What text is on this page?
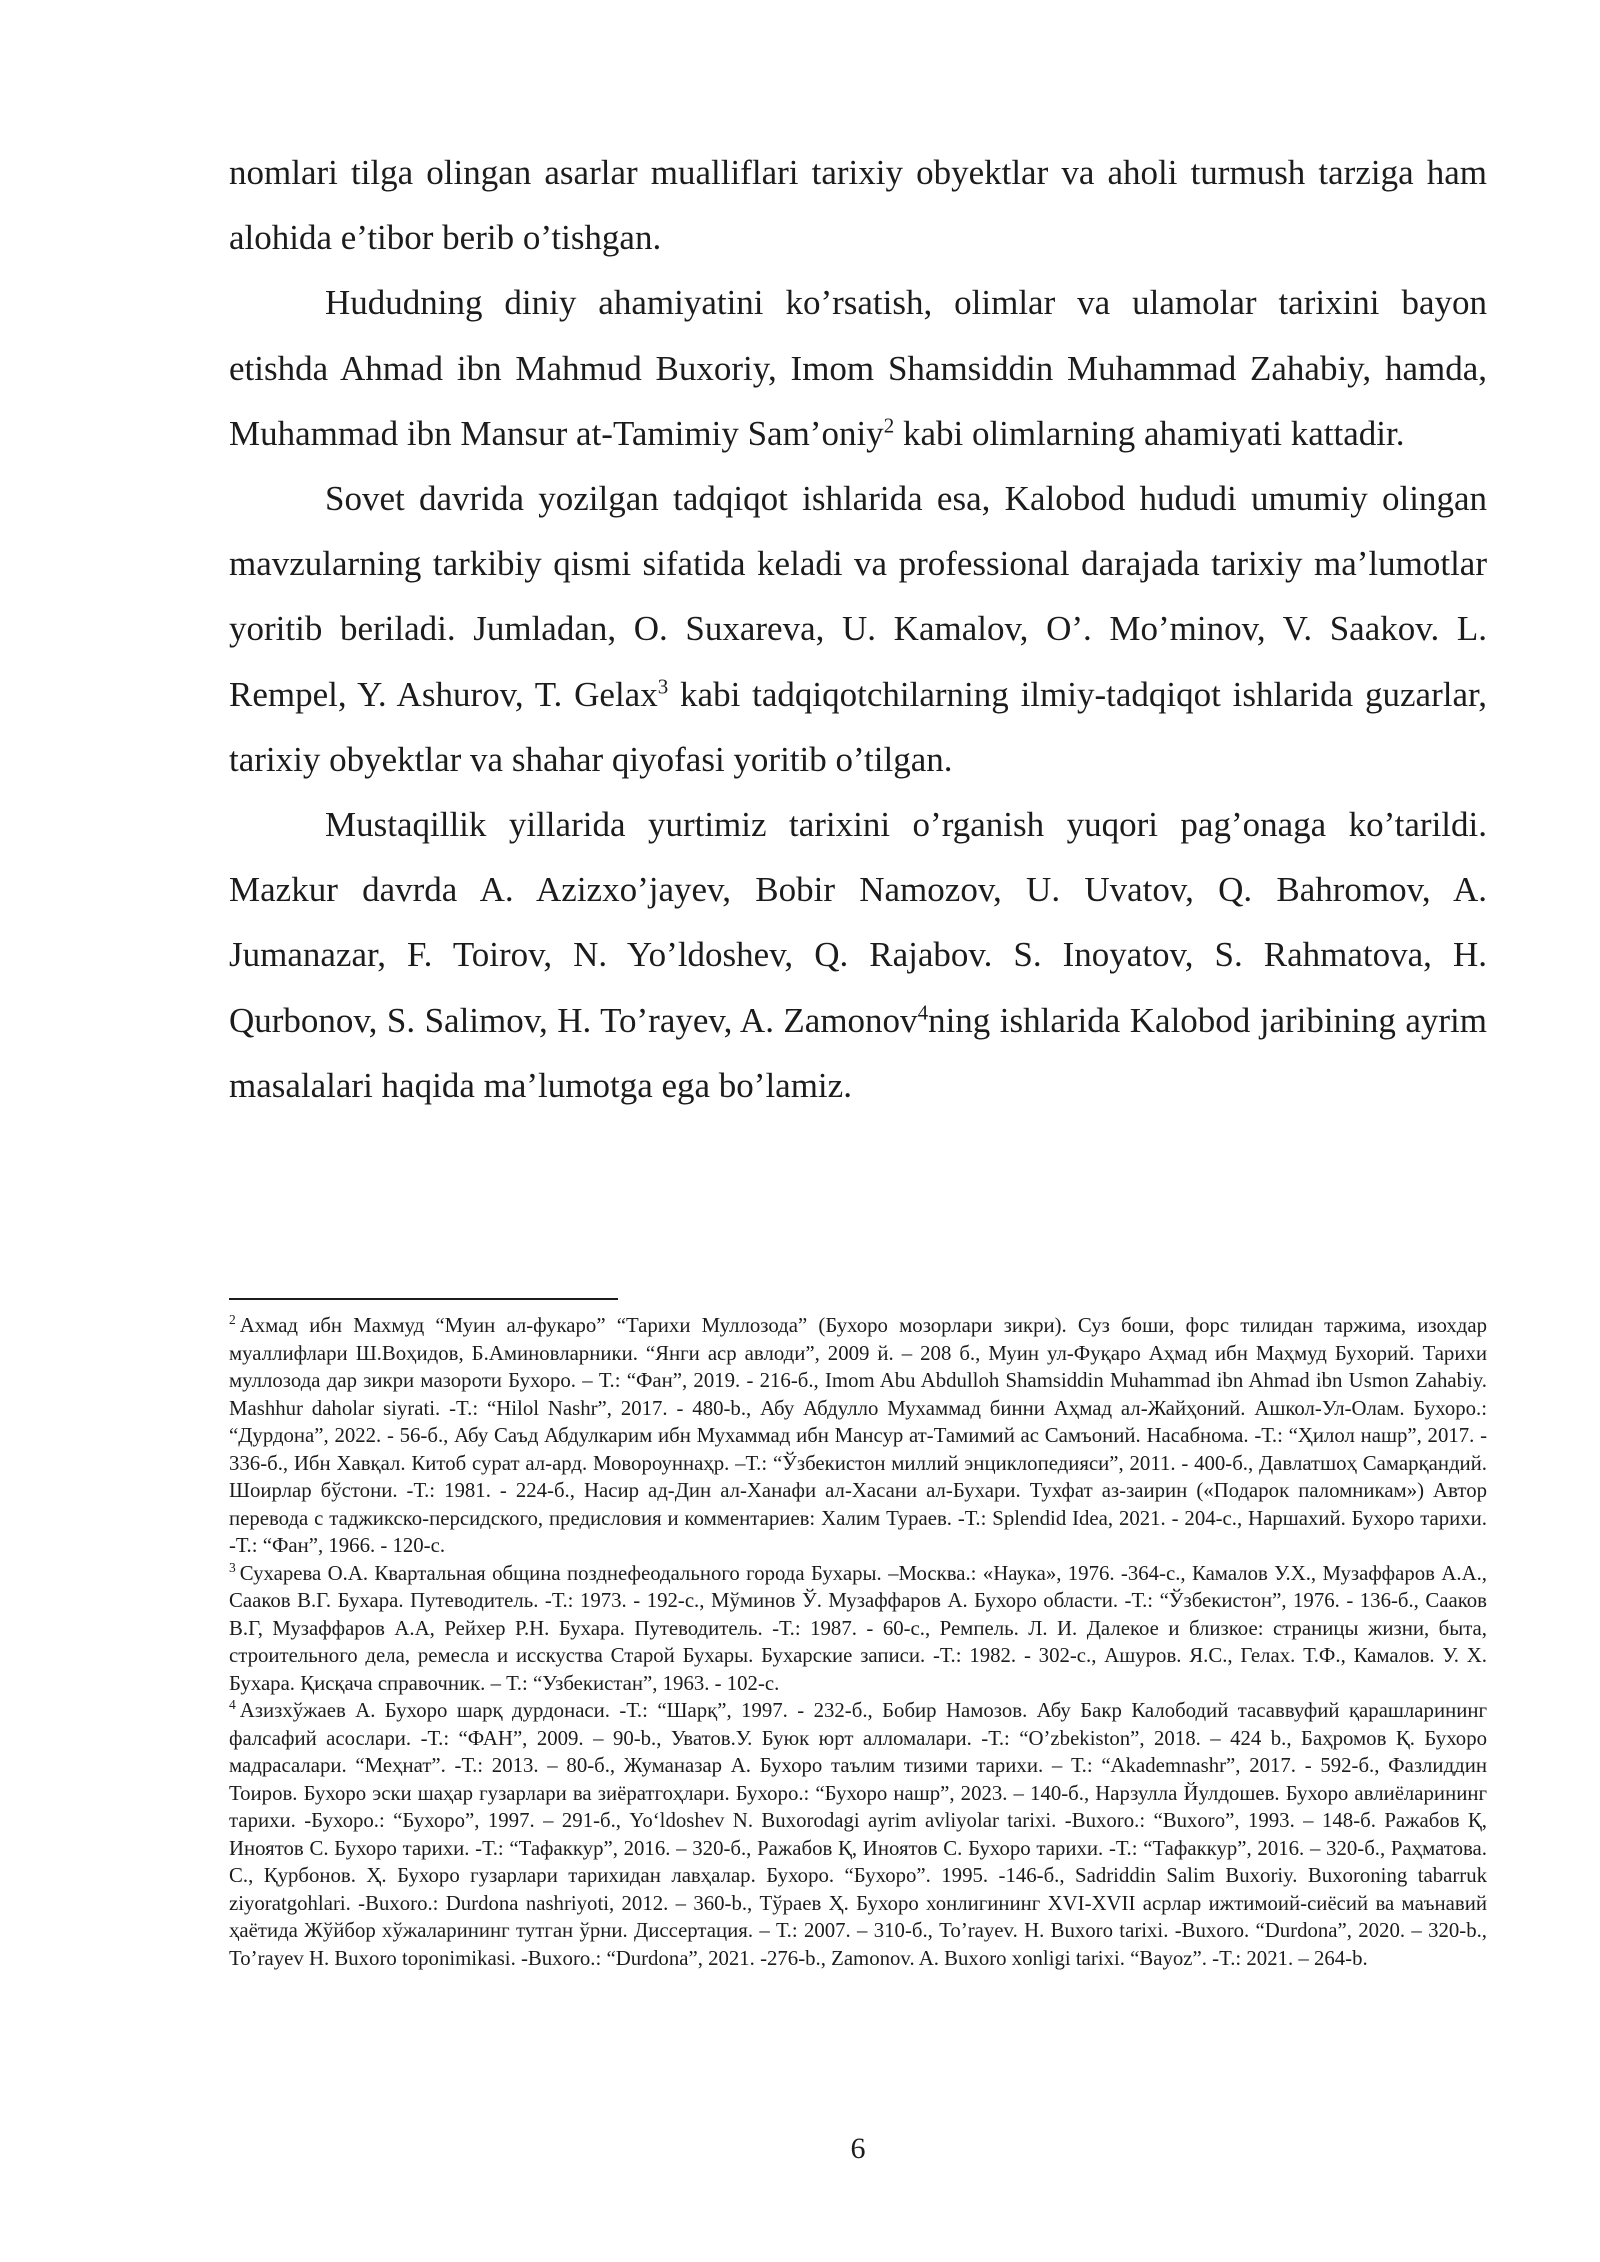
nomlari tilga olingan asarlar mualliflari tarixiy obyektlar va aholi turmush tarziga ham alohida e’tibor berib o’tishgan.

Hududning diniy ahamiyatini ko’rsatish, olimlar va ulamolar tarixini bayon etishda Ahmad ibn Mahmud Buxoriy, Imom Shamsiddin Muhammad Zahabiy, hamda, Muhammad ibn Mansur at-Tamimiy Sam’oniy$^2$ kabi olimlarning ahamiyati kattadir.

Sovet davrida yozilgan tadqiqot ishlarida esa, Kalobod hududi umumiy olingan mavzularning tarkibiy qismi sifatida keladi va professional darajada tarixiy ma’lumotlar yoritib beriladi. Jumladan, O. Suxareva, U. Kamalov, O’. Mo’minov, V. Saakov. L. Rempel, Y. Ashurov, T. Gelax$^3$ kabi tadqiqotchilarning ilmiy-tadqiqot ishlarida guzarlar, tarixiy obyektlar va shahar qiyofasi yoritib o’tilgan.

Mustaqillik yillarida yurtimiz tarixini o’rganish yuqori pag’onaga ko’tarildi. Mazkur davrda A. Azizxo’jayev, Bobir Namozov, U. Uvatov, Q. Bahromov, A. Jumanazar, F. Toirov, N. Yo’ldoshev, Q. Rajabov. S. Inoyatov, S. Rahmatova, H. Qurbonov, S. Salimov, H. To’rayev, A. Zamonov$^4$ning ishlarida Kalobod jaribining ayrim masalalari haqida ma’lumotga ega bo’lamiz.

$^2$ Ахмад ибн Махмуд “Муин ал-фукаро” “Тарихи Муллозода” (Бухоро мозорлари зикри). Суз боши, форс тилидан таржима, изохдар муаллифлари Ш.Воҳидов, Б.Аминовларники. “Янги аср авлоди”, 2009 й. – 208 б., Муин ул-Фуқаро Аҳмад ибн Маҳмуд Бухорий. Тарихи муллозода дар зикри мазороти Бухоро. – Т.: “Фан”, 2019. - 216-б., Imom Abu Abdulloh Shamsiddin Muhammad ibn Ahmad ibn Usmon Zahabiy. Mashhur daholar siyrati. -T.: “Hilol Nashr”, 2017. - 480-b., Абу Абдулло Мухаммад бинни Аҳмад ал-Жайҳоний. Ашкол-Ул-Олам. Бухоро.: “Дурдона”, 2022. - 56-б., Абу Саъд Абдулкарим ибн Мухаммад ибн Мансур ат-Тамимий ас Самъоний. Насабнома. -Т.: “Ҳилол нашр”, 2017. - 336-б., Ибн Хавқал. Китоб сурат ал-ард. Мовороуннаҳр. –Т.: “Ўзбекистон миллий энциклопедияси”, 2011. - 400-б., Давлатшоҳ Самарқандий. Шоирлар бўстони. -Т.: 1981. - 224-б., Насир ад-Дин ал-Ханафи ал-Хасани ал-Бухари. Тухфат аз-заирин («Подарок паломникам») Автор перевода с таджикско-персидского, предисловия и комментариев: Халим Тураев. -Т.: Splendid Idea, 2021. - 204-с., Наршахий. Бухоро тарихи. -Т.: “Фан”, 1966. - 120-с.

$^3$ Сухарева О.А. Квартальная община позднефеодального города Бухары. –Москва.: «Наука», 1976. -364-с., Камалов У.Х., Музаффаров А.А., Сааков В.Г. Бухара. Путеводитель. -Т.: 1973. - 192-с., Мўминов Ў. Музаффаров А. Бухоро области. -Т.: “Ўзбекистон”, 1976. - 136-б., Сааков В.Г, Музаффаров А.А, Рейхер Р.Н. Бухара. Путеводитель. -Т.: 1987. - 60-с., Ремпель. Л. И. Далекое и близкое: страницы жизни, быта, строительного дела, ремесла и исскуства Старой Бухары. Бухарские записи. -Т.: 1982. - 302-с., Ашуров. Я.С., Гелах. Т.Ф., Камалов. У. Х. Бухара. Қисқача справочник. – Т.: “Узбекистан”, 1963. - 102-с.

$^4$ Азизхўжаев А. Бухоро шарқ дурдонаси. -Т.: “Шарқ”, 1997. - 232-б., Бобир Намозов. Абу Бакр Калободий тасаввуфий қарашларининг фалсафий асослари. -Т.: “ФАН”, 2009. – 90-b., Уватов.У. Буюк юрт алломалари. -Т.: “O’zbekiston”, 2018. – 424 b., Баҳромов Қ. Бухоро мадрасалари. “Меҳнат”. -Т.: 2013. – 80-б., Жуманазар А. Бухоро таълим тизими тарихи. – Т.: “Akademnashr”, 2017. - 592-б., Фазлиддин Тоиров. Бухоро эски шаҳар гузарлари ва зиёратгоҳлари. Бухоро.: “Бухоро нашр”, 2023. – 140-б., Нарзулла Йулдошев. Бухоро авлиёларининг тарихи. -Бухоро.: “Бухоро”, 1997. – 291-б., Yo‘ldoshev N. Buxorodagi ayrim avliyolar tarixi. -Buxoro.: “Buxoro”, 1993. – 148-б. Ражабов Қ, Иноятов С. Бухоро тарихи. -Т.: “Тафаккур”, 2016. – 320-б., Ражабов Қ, Иноятов С. Бухоро тарихи. -Т.: “Тафаккур”, 2016. – 320-б., Раҳматова. С., Қурбонов. Ҳ. Бухоро гузарлари тарихидан лавҳалар. Бухоро. “Бухоро”. 1995. -146-б., Sadriddin Salim Buxoriy. Buxoroning tabarruk ziyoratgohlari. -Buxoro.: Durdona nashriyoti, 2012. – 360-b., Тўраев Ҳ. Бухоро хонлигининг XVI-XVII асрлар ижтимоий-сиёсий ва маънавий ҳаётида Жўйбор хўжаларининг тутган ўрни. Диссертация. – Т.: 2007. – 310-б., To’rayev. H. Buxoro tarixi. -Buxoro. “Durdona”, 2020. – 320-b., To’rayev H. Buxoro toponimikasi. -Buxoro.: “Durdona”, 2021. -276-b., Zamonov. A. Buxoro xonligi tarixi. “Bayoz”. -T.: 2021. – 264-b.

6
